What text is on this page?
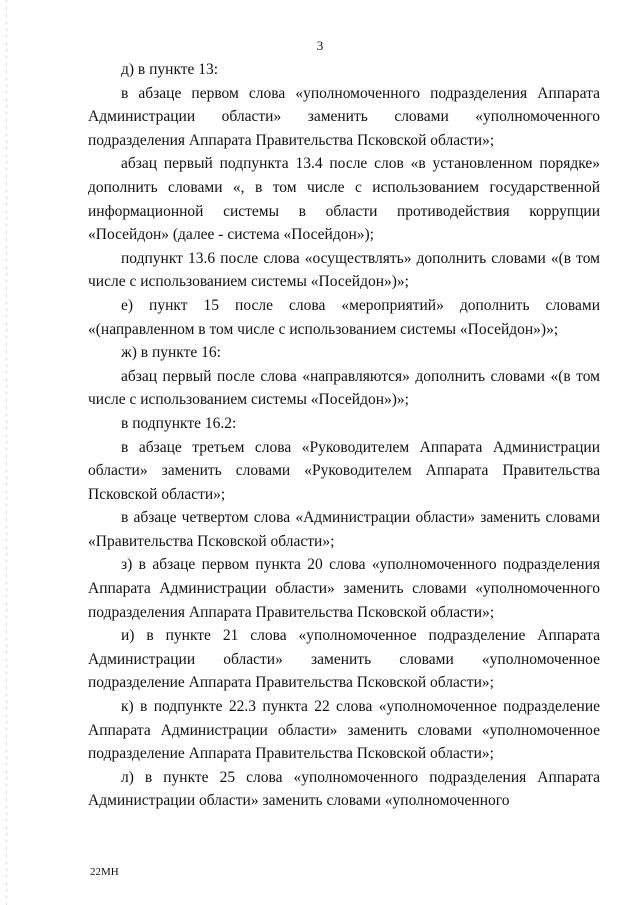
3

д) в пункте 13:

в абзаце первом слова «уполномоченного подразделения Аппарата Администрации области» заменить словами «уполномоченного подразделения Аппарата Правительства Псковской области»;

абзац первый подпункта 13.4 после слов «в установленном порядке» дополнить словами «, в том числе с использованием государственной информационной системы в области противодействия коррупции «Посейдон» (далее - система «Посейдон»);

подпункт 13.6 после слова «осуществлять» дополнить словами «(в том числе с использованием системы «Посейдон»)»;

е) пункт 15 после слова «мероприятий» дополнить словами «(направленном в том числе с использованием системы «Посейдон»)»;

ж) в пункте 16:

абзац первый после слова «направляются» дополнить словами «(в том числе с использованием системы «Посейдон»)»;

в подпункте 16.2:

в абзаце третьем слова «Руководителем Аппарата Администрации области» заменить словами «Руководителем Аппарата Правительства Псковской области»;

в абзаце четвертом слова «Администрации области» заменить словами «Правительства Псковской области»;

з) в абзаце первом пункта 20 слова «уполномоченного подразделения Аппарата Администрации области» заменить словами «уполномоченного подразделения Аппарата Правительства Псковской области»;

и) в пункте 21 слова «уполномоченное подразделение Аппарата Администрации области» заменить словами «уполномоченное подразделение Аппарата Правительства Псковской области»;

к) в подпункте 22.3 пункта 22 слова «уполномоченное подразделение Аппарата Администрации области» заменить словами «уполномоченное подразделение Аппарата Правительства Псковской области»;

л) в пункте 25 слова «уполномоченного подразделения Аппарата Администрации области» заменить словами «уполномоченного

22МН
